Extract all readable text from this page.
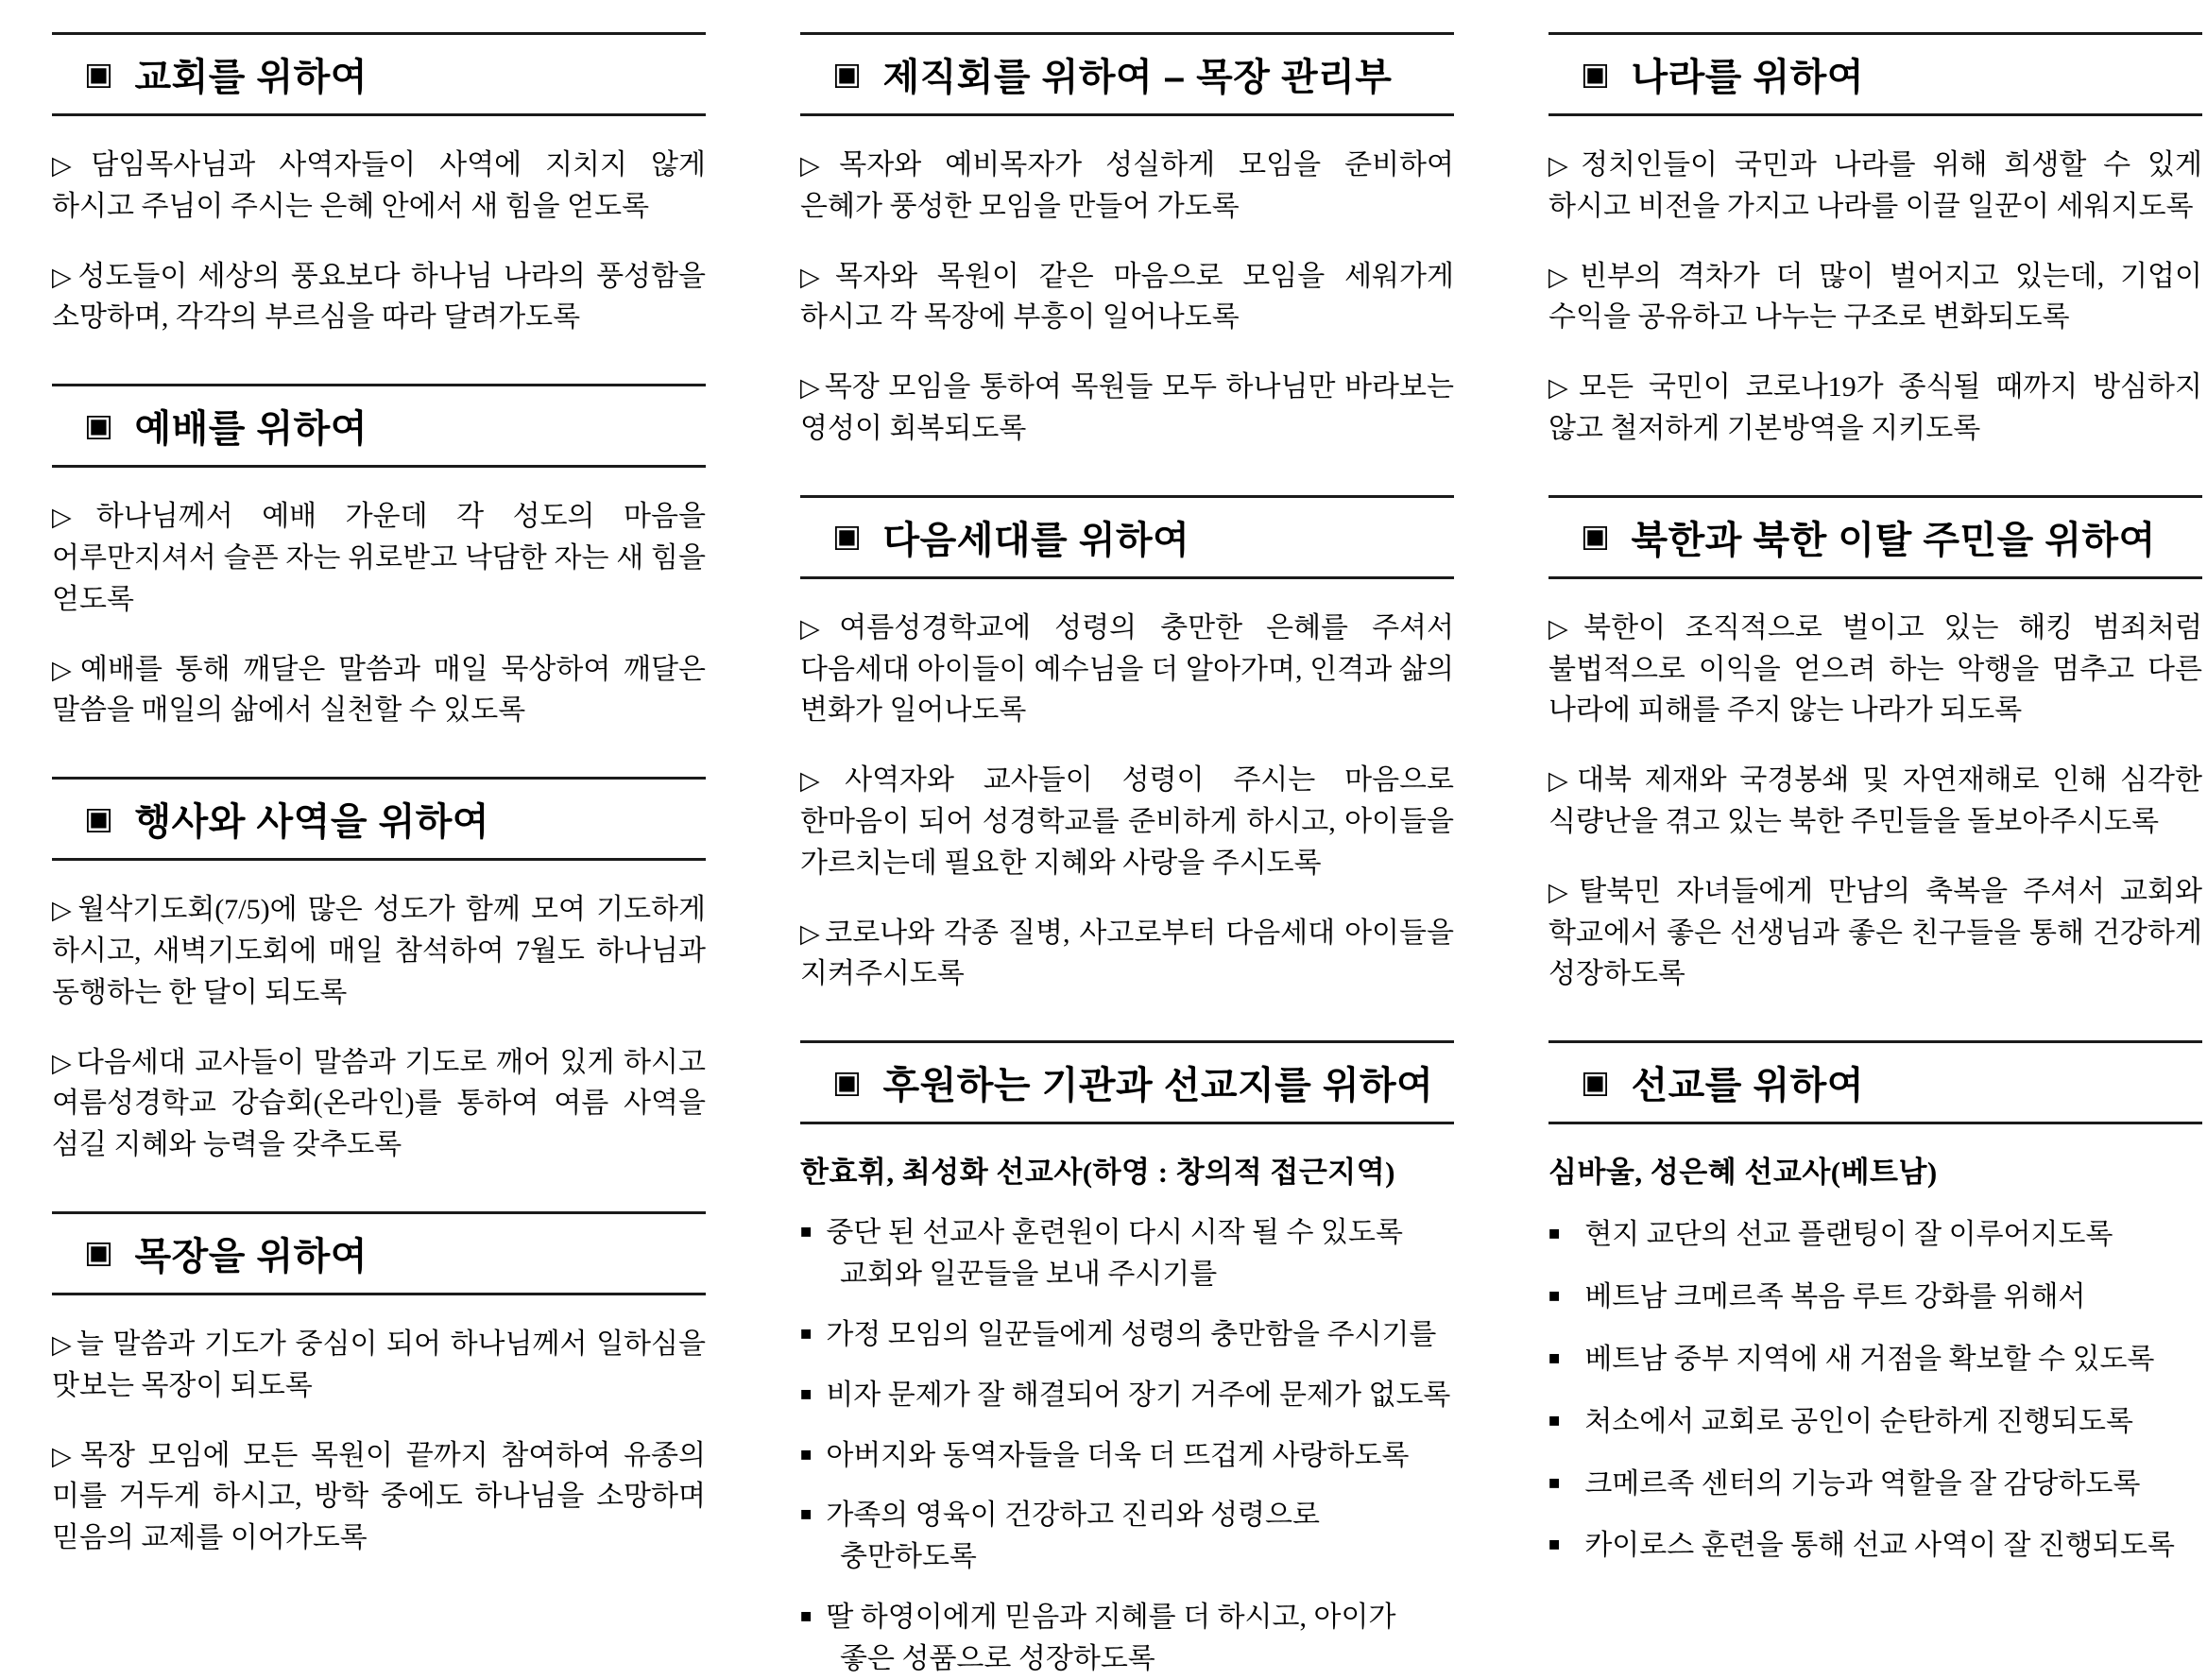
▣ 교회를 위하여

▷ 담임목사님과 사역자들이 사역에 지치지 않게 하시고 주님이 주시는 은혜 안에서 새 힘을 얻도록

▷ 성도들이 세상의 풍요보다 하나님 나라의 풍성함을 소망하며, 각각의 부르심을 따라 달려가도록

▣ 예배를 위하여

▷ 하나님께서 예배 가운데 각 성도의 마음을 어루만지셔서 슬픈 자는 위로받고 낙담한 자는 새 힘을 얻도록

▷ 예배를 통해 깨달은 말씀과 매일 묵상하여 깨달은 말씀을 매일의 삶에서 실천할 수 있도록

▣ 행사와 사역을 위하여

▷ 월삭기도회(7/5)에 많은 성도가 함께 모여 기도하게 하시고, 새벽기도회에 매일 참석하여 7월도 하나님과 동행하는 한 달이 되도록

▷ 다음세대 교사들이 말씀과 기도로 깨어 있게 하시고 여름성경학교 강습회(온라인)를 통하여 여름 사역을 섬길 지혜와 능력을 갖추도록

▣ 목장을 위하여

▷ 늘 말씀과 기도가 중심이 되어 하나님께서 일하심을 맛보는 목장이 되도록

▷ 목장 모임에 모든 목원이 끝까지 참여하여 유종의 미를 거두게 하시고, 방학 중에도 하나님을 소망하며 믿음의 교제를 이어가도록

▣ 제직회를 위하여 – 목장 관리부

▷ 목자와 예비목자가 성실하게 모임을 준비하여 은혜가 풍성한 모임을 만들어 가도록

▷ 목자와 목원이 같은 마음으로 모임을 세워가게 하시고 각 목장에 부흥이 일어나도록

▷ 목장 모임을 통하여 목원들 모두 하나님만 바라보는 영성이 회복되도록

▣ 다음세대를 위하여

▷ 여름성경학교에 성령의 충만한 은혜를 주셔서 다음세대 아이들이 예수님을 더 알아가며, 인격과 삶의 변화가 일어나도록

▷ 사역자와 교사들이 성령이 주시는 마음으로 한마음이 되어 성경학교를 준비하게 하시고, 아이들을 가르치는데 필요한 지혜와 사랑을 주시도록

▷ 코로나와 각종 질병, 사고로부터 다음세대 아이들을 지켜주시도록

▣ 후원하는 기관과 선교지를 위하여

한효휘, 최성화 선교사(하영 : 창의적 접근지역)

■ 중단 된 선교사 훈련원이 다시 시작 될 수 있도록 교회와 일꾼들을 보내 주시기를

■ 가정 모임의 일꾼들에게 성령의 충만함을 주시기를

■ 비자 문제가 잘 해결되어 장기 거주에 문제가 없도록

■ 아버지와 동역자들을 더욱 더 뜨겁게 사랑하도록

■ 가족의 영육이 건강하고 진리와 성령으로 충만하도록

■ 딸 하영이에게 믿음과 지혜를 더 하시고, 아이가 좋은 성품으로 성장하도록

▣ 나라를 위하여

▷ 정치인들이 국민과 나라를 위해 희생할 수 있게 하시고 비전을 가지고 나라를 이끌 일꾼이 세워지도록

▷ 빈부의 격차가 더 많이 벌어지고 있는데, 기업이 수익을 공유하고 나누는 구조로 변화되도록

▷ 모든 국민이 코로나19가 종식될 때까지 방심하지 않고 철저하게 기본방역을 지키도록

▣ 북한과 북한 이탈 주민을 위하여

▷ 북한이 조직적으로 벌이고 있는 해킹 범죄처럼 불법적으로 이익을 얻으려 하는 악행을 멈추고 다른 나라에 피해를 주지 않는 나라가 되도록

▷ 대북 제재와 국경봉쇄 및 자연재해로 인해 심각한 식량난을 겪고 있는 북한 주민들을 돌보아주시도록

▷ 탈북민 자녀들에게 만남의 축복을 주셔서 교회와 학교에서 좋은 선생님과 좋은 친구들을 통해 건강하게 성장하도록

▣ 선교를 위하여

심바울, 성은혜 선교사(베트남)

■ 현지 교단의 선교 플랜팅이 잘 이루어지도록

■ 베트남 크메르족 복음 루트 강화를 위해서

■ 베트남 중부 지역에 새 거점을 확보할 수 있도록

■ 처소에서 교회로 공인이 순탄하게 진행되도록

■ 크메르족 센터의 기능과 역할을 잘 감당하도록

■ 카이로스 훈련을 통해 선교 사역이 잘 진행되도록
